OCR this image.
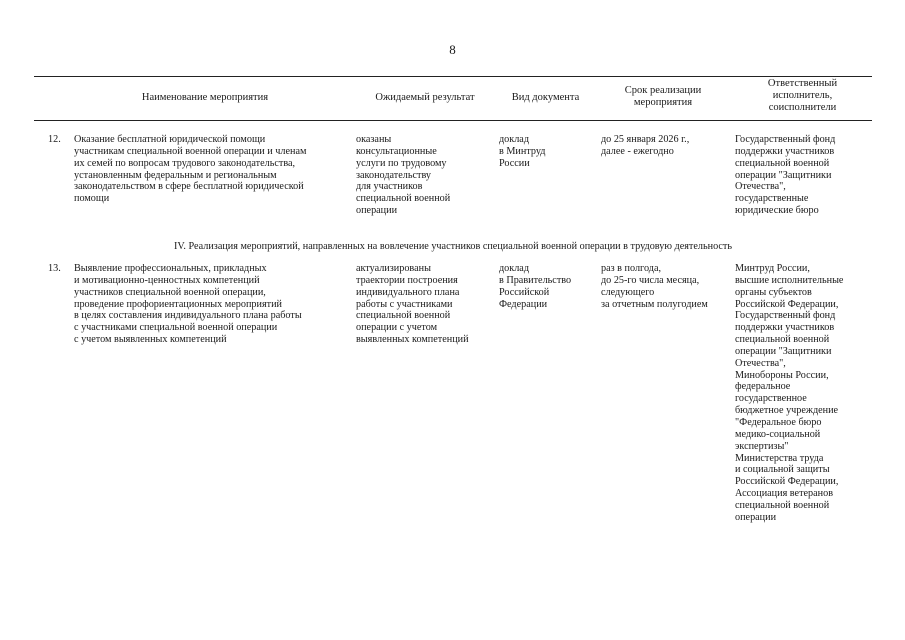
8
Наименование мероприятия	Ожидаемый результат	Вид документа
Срок реализации
мероприятия
Ответственный
исполнитель,
соисполнители
12. Оказание бесплатной юридической помощи
участникам специальной военной операции и членам
их семей по вопросам трудового законодательства,
установленным федеральным и региональным
законодательством в сфере бесплатной юридической
помощи
оказаны
консультационные
услуги по трудовому
законодательству
для участников
специальной военной
операции
доклад
в Минтруд
России
до 25 января 2026 г.,
далее - ежегодно
Государственный фонд
поддержки участников
специальной военной
операции "Защитники
Отечества",
государственные
юридические бюро
IV. Реализация мероприятий, направленных на вовлечение участников специальной военной операции в трудовую деятельность
13. Выявление профессиональных, прикладных
и мотивационно-ценностных компетенций
участников специальной военной операции,
проведение профориентационных мероприятий
в целях составления индивидуального плана работы
с участниками специальной военной операции
с учетом выявленных компетенций
актуализированы
траектории построения
индивидуального плана
работы с участниками
специальной военной
операции с учетом
выявленных компетенций
доклад
в Правительство
Российской
Федерации
раз в полгода,
до 25-го числа месяца,
следующего
за отчетным полугодием
Минтруд России,
высшие исполнительные
органы субъектов
Российской Федерации,
Государственный фонд
поддержки участников
специальной военной
операции "Защитники
Отечества",
Минобороны России,
федеральное
государственное
бюджетное учреждение
"Федеральное бюро
медико-социальной
экспертизы"
Министерства труда
и социальной защиты
Российской Федерации,
Ассоциация ветеранов
специальной военной
операции
